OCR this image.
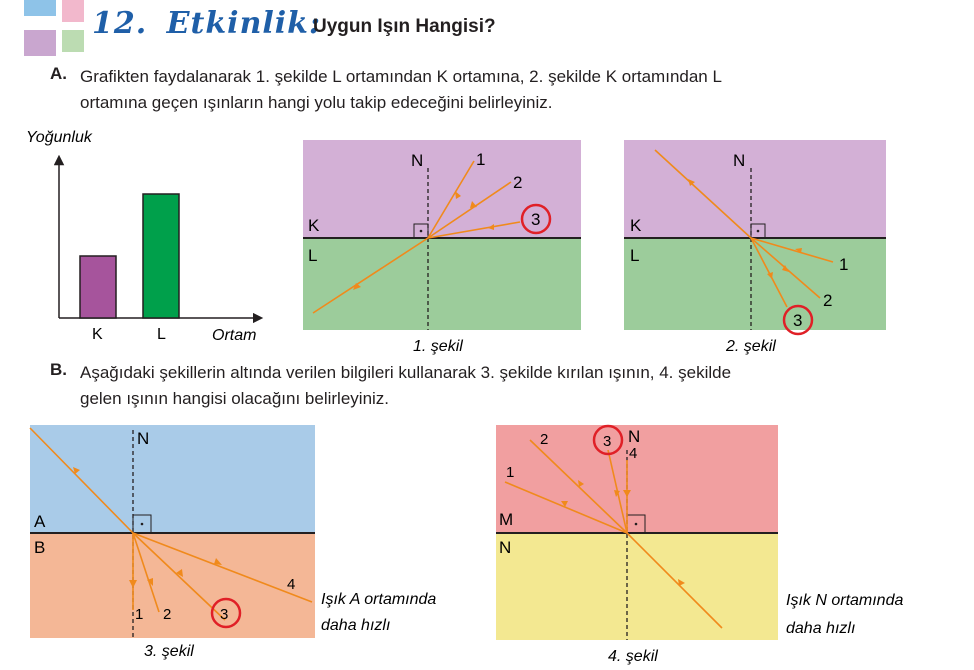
12. Etkinlik:
Uygun Işın Hangisi?
A. Grafikten faydalanarak 1. şekilde L ortamından K ortamına, 2. şekilde K ortamından L
ortamına geçen ışınların hangi yolu takip edeceğini belirleyiniz.
Yoğunluk
Ortam
K	L
N	1
2
3
K
L
1. şekil
N
1
2
3
K
L
2. şekil
B. Aşağıdaki şekillerin altında verilen bilgileri kullanarak 3. şekilde kırılan ışının, 4. şekilde
gelen ışının hangisi olacağını belirleyiniz.
N
1 2	3
4
A
B
Işık A ortamında
daha hızlı
3. şekil
N
1
2	3
4
M
N
Işık N ortamında
daha hızlı
4. şekil
